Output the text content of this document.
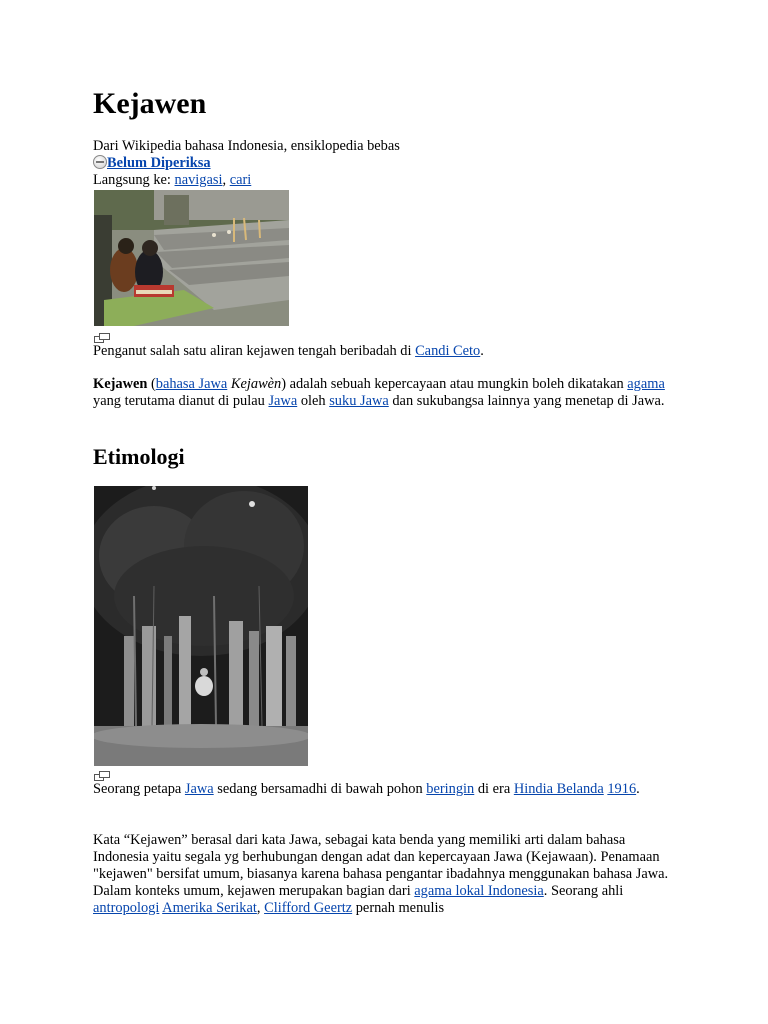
Kejawen
Dari Wikipedia bahasa Indonesia, ensiklopedia bebas
Belum Diperiksa
Langsung ke: navigasi, cari
Penganut salah satu aliran kejawen tengah beribadah di Candi Ceto.
Kejawen (bahasa Jawa Kejawèn) adalah sebuah kepercayaan atau mungkin boleh dikatakan agama yang terutama dianut di pulau Jawa oleh suku Jawa dan sukubangsa lainnya yang menetap di Jawa.
Etimologi
Seorang petapa Jawa sedang bersamadhi di bawah pohon beringin di era Hindia Belanda 1916.
Kata “Kejawen” berasal dari kata Jawa, sebagai kata benda yang memiliki arti dalam bahasa Indonesia yaitu segala yg berhubungan dengan adat dan kepercayaan Jawa (Kejawaan). Penamaan "kejawen" bersifat umum, biasanya karena bahasa pengantar ibadahnya menggunakan bahasa Jawa. Dalam konteks umum, kejawen merupakan bagian dari agama lokal Indonesia. Seorang ahli antropologi Amerika Serikat, Clifford Geertz pernah menulis
